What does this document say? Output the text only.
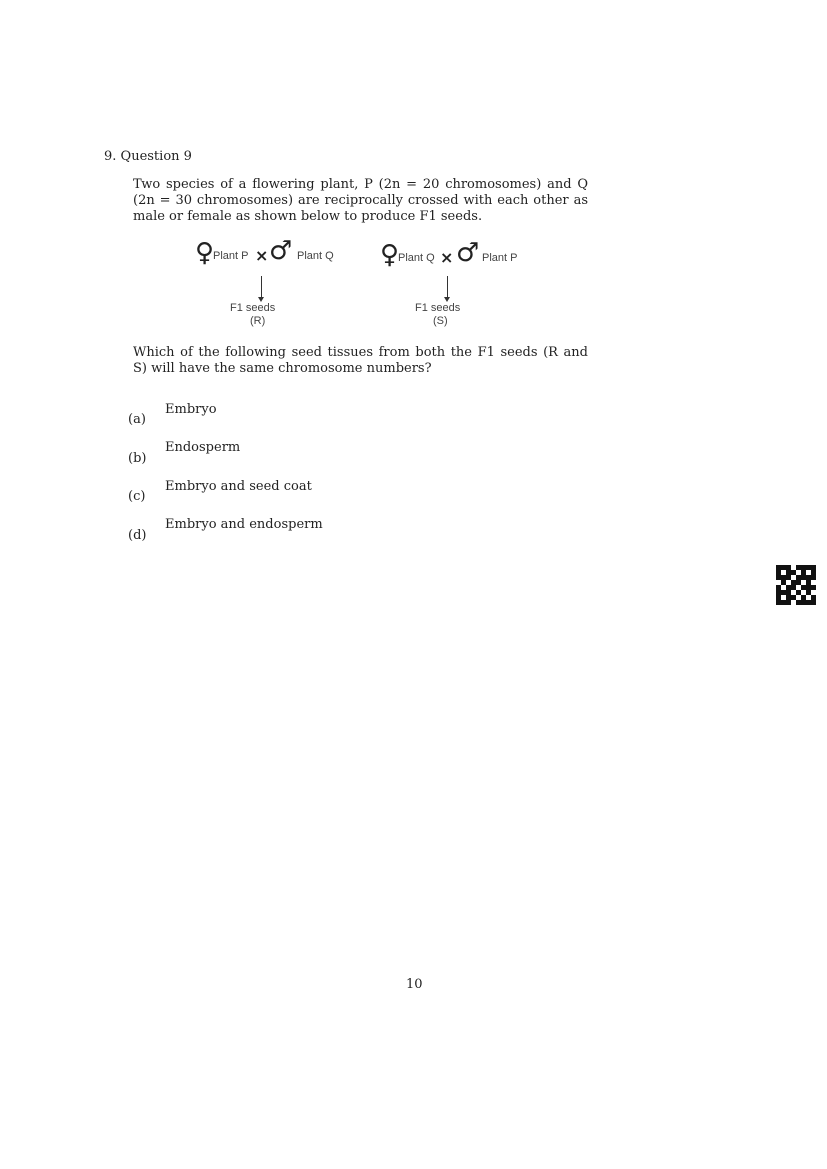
9. Question 9
Two species of a flowering plant, P (2n = 20 chromosomes) and Q (2n = 30 chromosomes) are reciprocally crossed with each other as male or female as shown below to produce F1 seeds.
♀
Plant P × ♂ Plant Q
F1 seeds
(R)
♀
Plant Q × ♂ Plant P
F1 seeds
(S)
Which of the following seed tissues from both the F1 seeds (R and S) will have the same chromosome numbers?
(a)
Embryo
(b)
Endosperm
(c)
Embryo and seed coat
(d)
Embryo and endosperm
10
